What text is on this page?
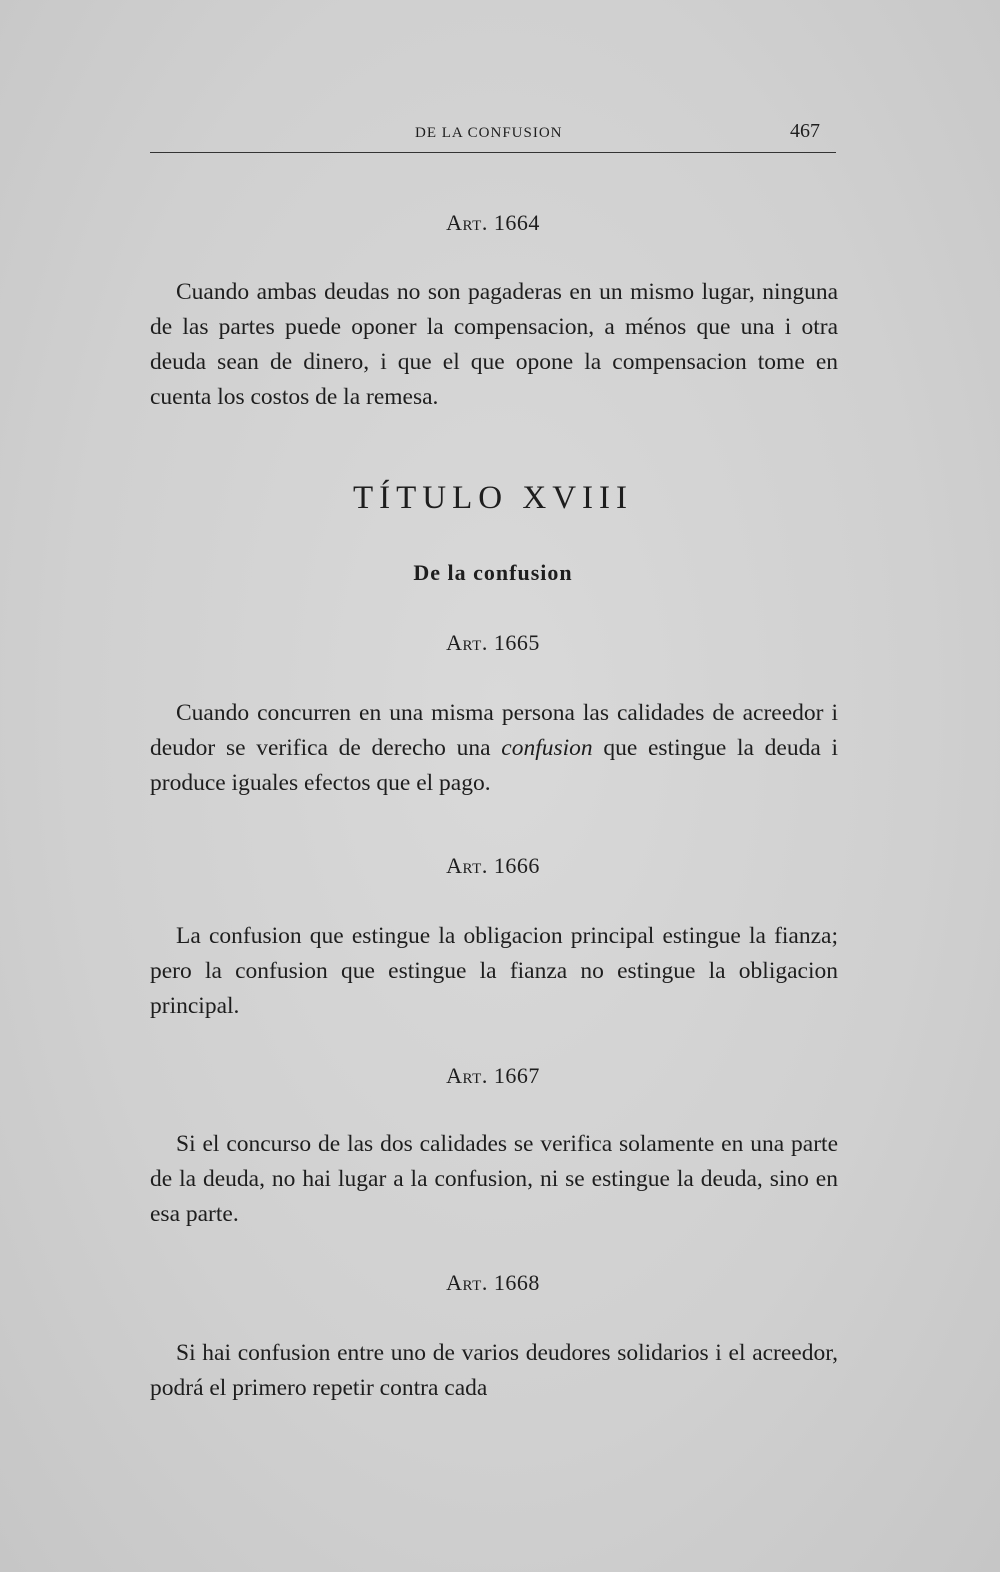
DE LA CONFUSION	467
Art. 1664

Cuando ambas deudas no son pagaderas en un mismo lugar, ninguna de las partes puede oponer la compensacion, a ménos que una i otra deuda sean de dinero, i que el que opone la compensacion tome en cuenta los costos de la remesa.

TÍTULO XVIII
De la confusion
Art. 1665

Cuando concurren en una misma persona las calidades de acreedor i deudor se verifica de derecho una confusion que estingue la deuda i produce iguales efectos que el pago.

Art. 1666

La confusion que estingue la obligacion principal estingue la fianza; pero la confusion que estingue la fianza no estingue la obligacion principal.

Art. 1667

Si el concurso de las dos calidades se verifica solamente en una parte de la deuda, no hai lugar a la confusion, ni se estingue la deuda, sino en esa parte.

Art. 1668

Si hai confusion entre uno de varios deudores solidarios i el acreedor, podrá el primero repetir contra cada
